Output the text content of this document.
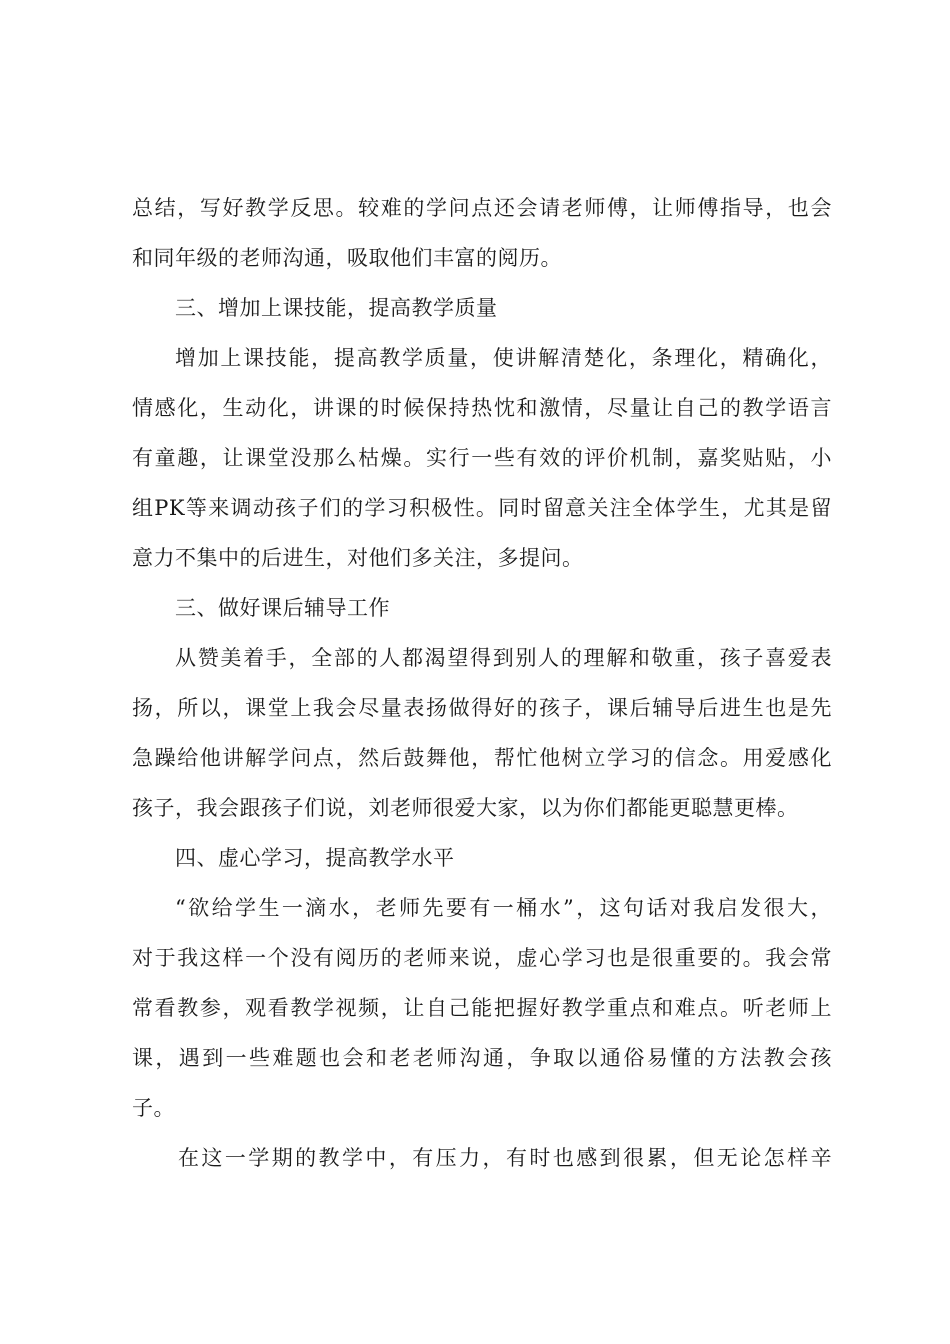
总结，写好教学反思。较难的学问点还会请老师傅，让师傅指导，也会
和同年级的老师沟通，吸取他们丰富的阅历。
三、增加上课技能，提高教学质量
增加上课技能，提高教学质量，使讲解清楚化，条理化，精确化，
情感化，生动化，讲课的时候保持热忱和激情，尽量让自己的教学语言
有童趣，让课堂没那么枯燥。实行一些有效的评价机制，嘉奖贴贴，小
组PK等来调动孩子们的学习积极性。同时留意关注全体学生，尤其是留
意力不集中的后进生，对他们多关注，多提问。
三、做好课后辅导工作
从赞美着手，全部的人都渴望得到别人的理解和敬重，孩子喜爱表
扬，所以，课堂上我会尽量表扬做得好的孩子，课后辅导后进生也是先
急躁给他讲解学问点，然后鼓舞他，帮忙他树立学习的信念。用爱感化
孩子，我会跟孩子们说，刘老师很爱大家，以为你们都能更聪慧更棒。
四、虚心学习，提高教学水平
“欲给学生一滴水，老师先要有一桶水”，这句话对我启发很大，
对于我这样一个没有阅历的老师来说，虚心学习也是很重要的。我会常
常看教参，观看教学视频，让自己能把握好教学重点和难点。听老师上
课，遇到一些难题也会和老老师沟通，争取以通俗易懂的方法教会孩
子。
在这一学期的教学中，有压力，有时也感到很累，但无论怎样辛
